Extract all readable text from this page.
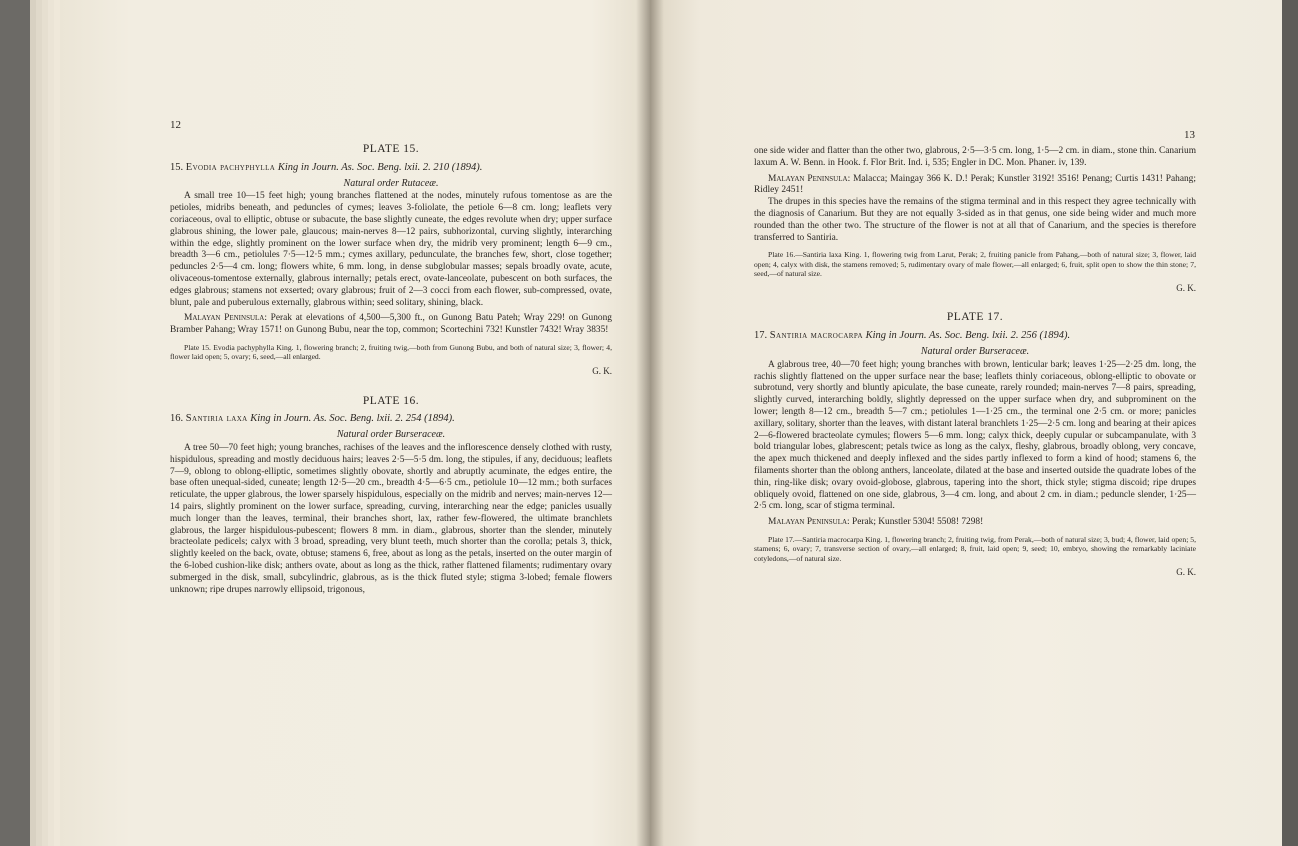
12
PLATE 15.
15. Evodia pachyphylla King in Journ. As. Soc. Beng. lxii. 2. 210 (1894).
Natural order Rutaceæ.

A small tree 10—15 feet high; young branches flattened at the nodes, minutely rufous tomentose as are the petioles, midribs beneath, and peduncles of cymes; leaves 3-foliolate, the petiole 6—8 cm. long; leaflets very coriaceous, oval to elliptic, obtuse or subacute, the base slightly cuneate, the edges revolute when dry; upper surface glabrous shining, the lower pale, glaucous; main-nerves 8—12 pairs, subhorizontal, curving slightly, interarching within the edge, slightly prominent on the lower surface when dry, the midrib very prominent; length 6—9 cm., breadth 3—6 cm., petiolules 7·5—12·5 mm.; cymes axillary, pedunculate, the branches few, short, close together; peduncles 2·5—4 cm. long; flowers white, 6 mm. long, in dense subglobular masses; sepals broadly ovate, acute, olivaceous-tomentose externally, glabrous internally; petals erect, ovate-lanceolate, pubescent on both surfaces, the edges glabrous; stamens not exserted; ovary glabrous; fruit of 2—3 cocci from each flower, sub-compressed, ovate, blunt, pale and puberulous externally, glabrous within; seed solitary, shining, black.

Malayan Peninsula: Perak at elevations of 4,500—5,300 ft., on Gunong Batu Pateh; Wray 229! on Gunong Bramber Pahang; Wray 1571! on Gunong Bubu, near the top, common; Scortechini 732! Kunstler 7432! Wray 3835!

Plate 15. Evodia pachyphylla King. 1, flowering branch; 2, fruiting twig,—both from Gunong Bubu, and both of natural size; 3, flower; 4, flower laid open; 5, ovary; 6, seed,—all enlarged.

G. K.
PLATE 16.
16. Santiria laxa King in Journ. As. Soc. Beng. lxii. 2. 254 (1894).
Natural order Burseraceæ.

A tree 50—70 feet high; young branches, rachises of the leaves and the inflorescence densely clothed with rusty, hispidulous, spreading and mostly deciduous hairs; leaves 2·5—5·5 dm. long, the stipules, if any, deciduous; leaflets 7—9, oblong to oblong-elliptic, sometimes slightly obovate, shortly and abruptly acuminate, the edges entire, the base often unequal-sided, cuneate; length 12·5—20 cm., breadth 4·5—6·5 cm., petiolule 10—12 mm.; both surfaces reticulate, the upper glabrous, the lower sparsely hispidulous, especially on the midrib and nerves; main-nerves 12—14 pairs, slightly prominent on the lower surface, spreading, curving, interarching near the edge; panicles usually much longer than the leaves, terminal, their branches short, lax, rather few-flowered, the ultimate branchlets glabrous, the larger hispidulous-pubescent; flowers 8 mm. in diam., glabrous, shorter than the slender, minutely bracteolate pedicels; calyx with 3 broad, spreading, very blunt teeth, much shorter than the corolla; petals 3, thick, slightly keeled on the back, ovate, obtuse; stamens 6, free, about as long as the petals, inserted on the outer margin of the 6-lobed cushion-like disk; anthers ovate, about as long as the thick, rather flattened filaments; rudimentary ovary submerged in the disk, small, subcylindric, glabrous, as is the thick fluted style; stigma 3-lobed; female flowers unknown; ripe drupes narrowly ellipsoid, trigonous,

13

one side wider and flatter than the other two, glabrous, 2·5—3·5 cm. long, 1·5—2 cm. in diam., stone thin. Canarium laxum A. W. Benn. in Hook. f. Flor Brit. Ind. i, 535; Engler in DC. Mon. Phaner. iv, 139.

Malayan Peninsula: Malacca; Maingay 366 K. D.! Perak; Kunstler 3192! 3516! Penang; Curtis 1431! Pahang; Ridley 2451!

The drupes in this species have the remains of the stigma terminal and in this respect they agree technically with the diagnosis of Canarium. But they are not equally 3-sided as in that genus, one side being wider and much more rounded than the other two. The structure of the flower is not at all that of Canarium, and the species is therefore transferred to Santiria.

Plate 16.—Santiria laxa King. 1, flowering twig from Larut, Perak; 2, fruiting panicle from Pahang,—both of natural size; 3, flower, laid open; 4, calyx with disk, the stamens removed; 5, rudimentary ovary of male flower,—all enlarged; 6, fruit, split open to show the thin stone; 7, seed,—of natural size.

G. K.
PLATE 17.
17. Santiria macrocarpa King in Journ. As. Soc. Beng. lxii. 2. 256 (1894).
Natural order Burseraceæ.

A glabrous tree, 40—70 feet high; young branches with brown, lenticular bark; leaves 1·25—2·25 dm. long, the rachis slightly flattened on the upper surface near the base; leaflets thinly coriaceous, oblong-elliptic to obovate or subrotund, very shortly and bluntly apiculate, the base cuneate, rarely rounded; main-nerves 7—8 pairs, spreading, slightly curved, interarching boldly, slightly depressed on the upper surface when dry, and subprominent on the lower; length 8—12 cm., breadth 5—7 cm.; petiolules 1—1·25 cm., the terminal one 2·5 cm. or more; panicles axillary, solitary, shorter than the leaves, with distant lateral branchlets 1·25—2·5 cm. long and bearing at their apices 2—6-flowered bracteolate cymules; flowers 5—6 mm. long; calyx thick, deeply cupular or subcampanulate, with 3 bold triangular lobes, glabrescent; petals twice as long as the calyx, fleshy, glabrous, broadly oblong, very concave, the apex much thickened and deeply inflexed and the sides partly inflexed to form a kind of hood; stamens 6, the filaments shorter than the oblong anthers, lanceolate, dilated at the base and inserted outside the quadrate lobes of the thin, ring-like disk; ovary ovoid-globose, glabrous, tapering into the short, thick style; stigma discoid; ripe drupes obliquely ovoid, flattened on one side, glabrous, 3—4 cm. long, and about 2 cm. in diam.; peduncle slender, 1·25—2·5 cm. long, scar of stigma terminal.

Malayan Peninsula: Perak; Kunstler 5304! 5508! 7298!

Plate 17.—Santiria macrocarpa King. 1, flowering branch; 2, fruiting twig, from Perak,—both of natural size; 3, bud; 4, flower, laid open; 5, stamens; 6, ovary; 7, transverse section of ovary,—all enlarged; 8, fruit, laid open; 9, seed; 10, embryo, showing the remarkably laciniate cotyledons,—of natural size.

G. K.
